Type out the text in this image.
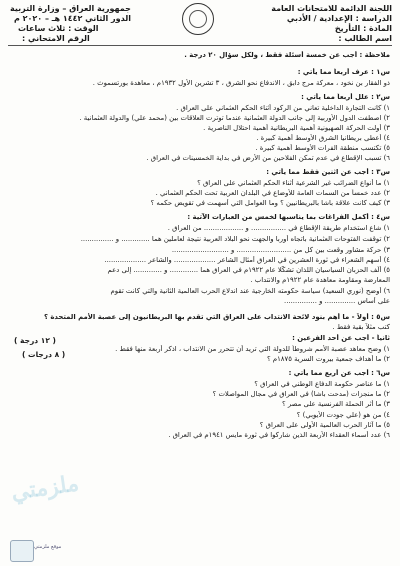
اللجنة الدائمة للامتحانات العامة
الدراسة : الإعدادية / الأدبي
المادة : التأريخ
اسم الطالب :
جمهورية العراق – وزارة التربية
الدور الثاني ١٤٤٢ هـ – ٢٠٢٠ م
الوقت : ثلاث ساعات
الرقم الامتحاني :
ملاحظة : أجب عن خمسة أسئلة فقط ، ولكل سؤال ٢٠ درجة .
س١ : عرف أربعاً مما يأتي :
ذو الفقار بن نخود ، معركة مرج دابق ، الاندفاع نحو الشرق ، ٣ تشرين الأول ١٩٣٢م ، معاهدة بورتسموث .
س٢ : علل أربعاً مما يأتي :
١) كانت التجارة الداخلية تعاني من الركود أثناء الحكم العثماني على العراق .
٢) اصطفت الدول الأوربية إلى جانب الدولة العثمانية عندما توترت العلاقات بين (محمد علي) والدولة العثمانية .
٣) أولت الحركة الصهيونية أهمية البريطانية أهمية احتلال الناصرية .
٤) أعطى بريطانيا الشرق الأوسط أهمية كبيرة .
٥) تكتسب منطقة الفرات الأوسط أهمية كبيرة .
٦) تسبب الإقطاع في عدم تمكن الفلاحين من الأرض في بداية الخمسينات في العراق .
س٣ : أجب عن اثنين فقط مما يأتي :
١) ما أنواع الضرائب غير الشرعية أثناء الحكم العثماني على العراق ؟
٢) عدد خمساً من السمات العامة للأوضاع في البلدان العربية تحت الحكم العثماني .
٣) كيف كانت علاقة باشا بالبريطانيين ؟ وما العوامل التي أسهمت في تقويض حكمه ؟
س٤ : أكمل الفراغات بما يناسبها لخمس من العبارات الآتية :
١) شاع استخدام طريقة الإقطاع في ................ و .................. من العراق .
٢) توقفت الفتوحات العثمانية باتجاه أوربا والجهت نحو البلاد العربية نتيجة لعاملين هما ............. و ...............
٣) حركة مشاور وقعت بين كل من ......................... و ..........................
٤) أسهم الشعراء في ثورة العشرين في العراق أمثال الشاعر ................... والشاعر ...................
٥) ألّف الحزبان السياسيان اللذان تشكّلا عام ١٩٢٢م في العراق هما ............. و ............. إلى دعم
المعارضة ومقاومة معاهدة عام ١٩٢٢م والانتداب .
٦) أوضح (نوري السعيد) سياسة حكومته الخارجية عند اندلاع الحرب العالمية الثانية والتي كانت تقوم
على أساس .............. و ...............
س٥ : أولاً - ما أهم بنود لائحة الانتداب على العراق التي تقدم بها البريطانيون إلى عصبة الأمم المتحدة ؟
كتب مثلاً بقية فقط .
ثانياً - أجب عن أحد الفرعين :
١) وضح معاهد عصبة الأمم شروطاً للدولة التي تريد أن تتحرر من الانتداب ، اذكر أربعة منها فقط .
٢) ما أهداف جمعية بيروت السرية ١٨٧٥م ؟
س٦ : أجب عن أربع مما يأتي :
١) ما عناصر حكومة الدفاع الوطني في العراق ؟
٢) ما منجزات (مدحت باشا) في العراق في مجال المواصلات ؟
٣) ما أثر الحملة الفرنسية على مصر ؟
٤) من هو (علي جودت الأيوبي) ؟
٥) ما آثار الحرب العالمية الأولى على العراق ؟
٦) عدد أسماء العقداء الأربعة الذين شاركوا في ثورة مايس ١٩٤١م في العراق .
( ١٢ درجة )
( ٨ درجات )
ملزمتي
موقع ملزمتي
